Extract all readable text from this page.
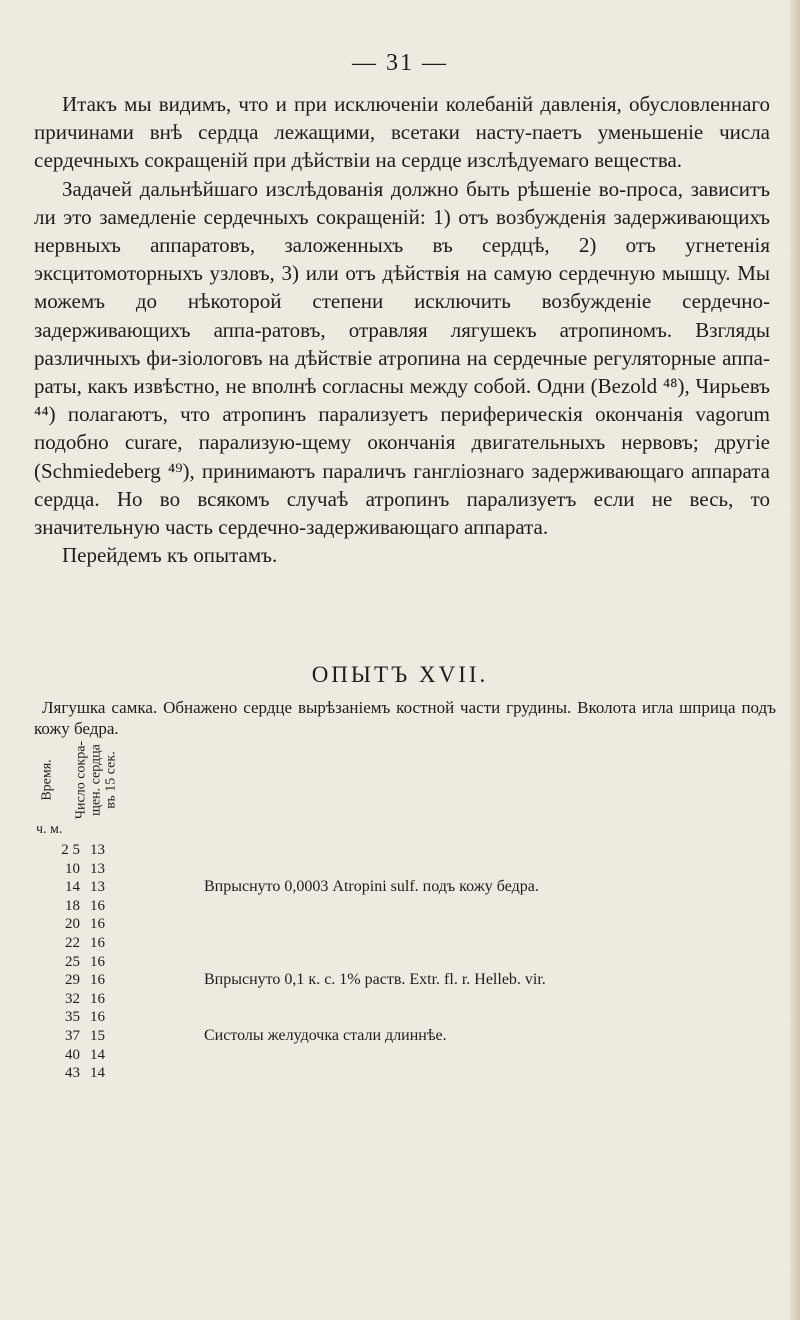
— 31 —

Итакъ мы видимъ, что и при исключеніи колебаній давленія, обусловленнаго причинами внѣ сердца лежащими, всетаки насту-паетъ уменьшеніе числа сердечныхъ сокращеній при дѣйствіи на сердце изслѣдуемаго вещества.

Задачей дальнѣйшаго изслѣдованія должно быть рѣшеніе во-проса, зависитъ ли это замедленіе сердечныхъ сокращеній: 1) отъ возбужденія задерживающихъ нервныхъ аппаратовъ, заложенныхъ въ сердцѣ, 2) отъ угнетенія эксцитомоторныхъ узловъ, 3) или отъ дѣйствія на самую сердечную мышцу. Мы можемъ до нѣкоторой степени исключить возбужденіе сердечно-задерживающихъ аппа-ратовъ, отравляя лягушекъ атропиномъ. Взгляды различныхъ фи-зіологовъ на дѣйствіе атропина на сердечные регуляторные аппа-раты, какъ извѣстно, не вполнѣ согласны между собой. Одни (Bezold ⁴⁸), Чирьевъ ⁴⁴) полагаютъ, что атропинъ парализуетъ периферическія окончанія vagorum подобно curare, парализую-щему окончанія двигательныхъ нервовъ; другіе (Schmiedeberg ⁴⁹), принимаютъ параличъ гангліознаго задерживающаго аппарата сердца. Но во всякомъ случаѣ атропинъ парализуетъ если не весь, то значительную часть сердечно-задерживающаго аппарата.

Перейдемъ къ опытамъ.

ОПЫТЪ XVII.

Лягушка самка. Обнажено сердце вырѣзаніемъ костной части грудины. Вколота игла шприца подъ кожу бедра.

Время. Число сокра-щен. сердца въ 15 сек.
ч. м.
2 5 13
10 13
14 13	Впрыснуто 0,0003 Atropini sulf. подъ кожу бедра.
18 16
20 16
22 16
25 16
29 16	Впрыснуто 0,1 к. с. 1% раств. Extr. fl. r. Helleb. vir.
32 16
35 16
37 15	Систолы желудочка стали длиннѣе.
40 14
43 14
